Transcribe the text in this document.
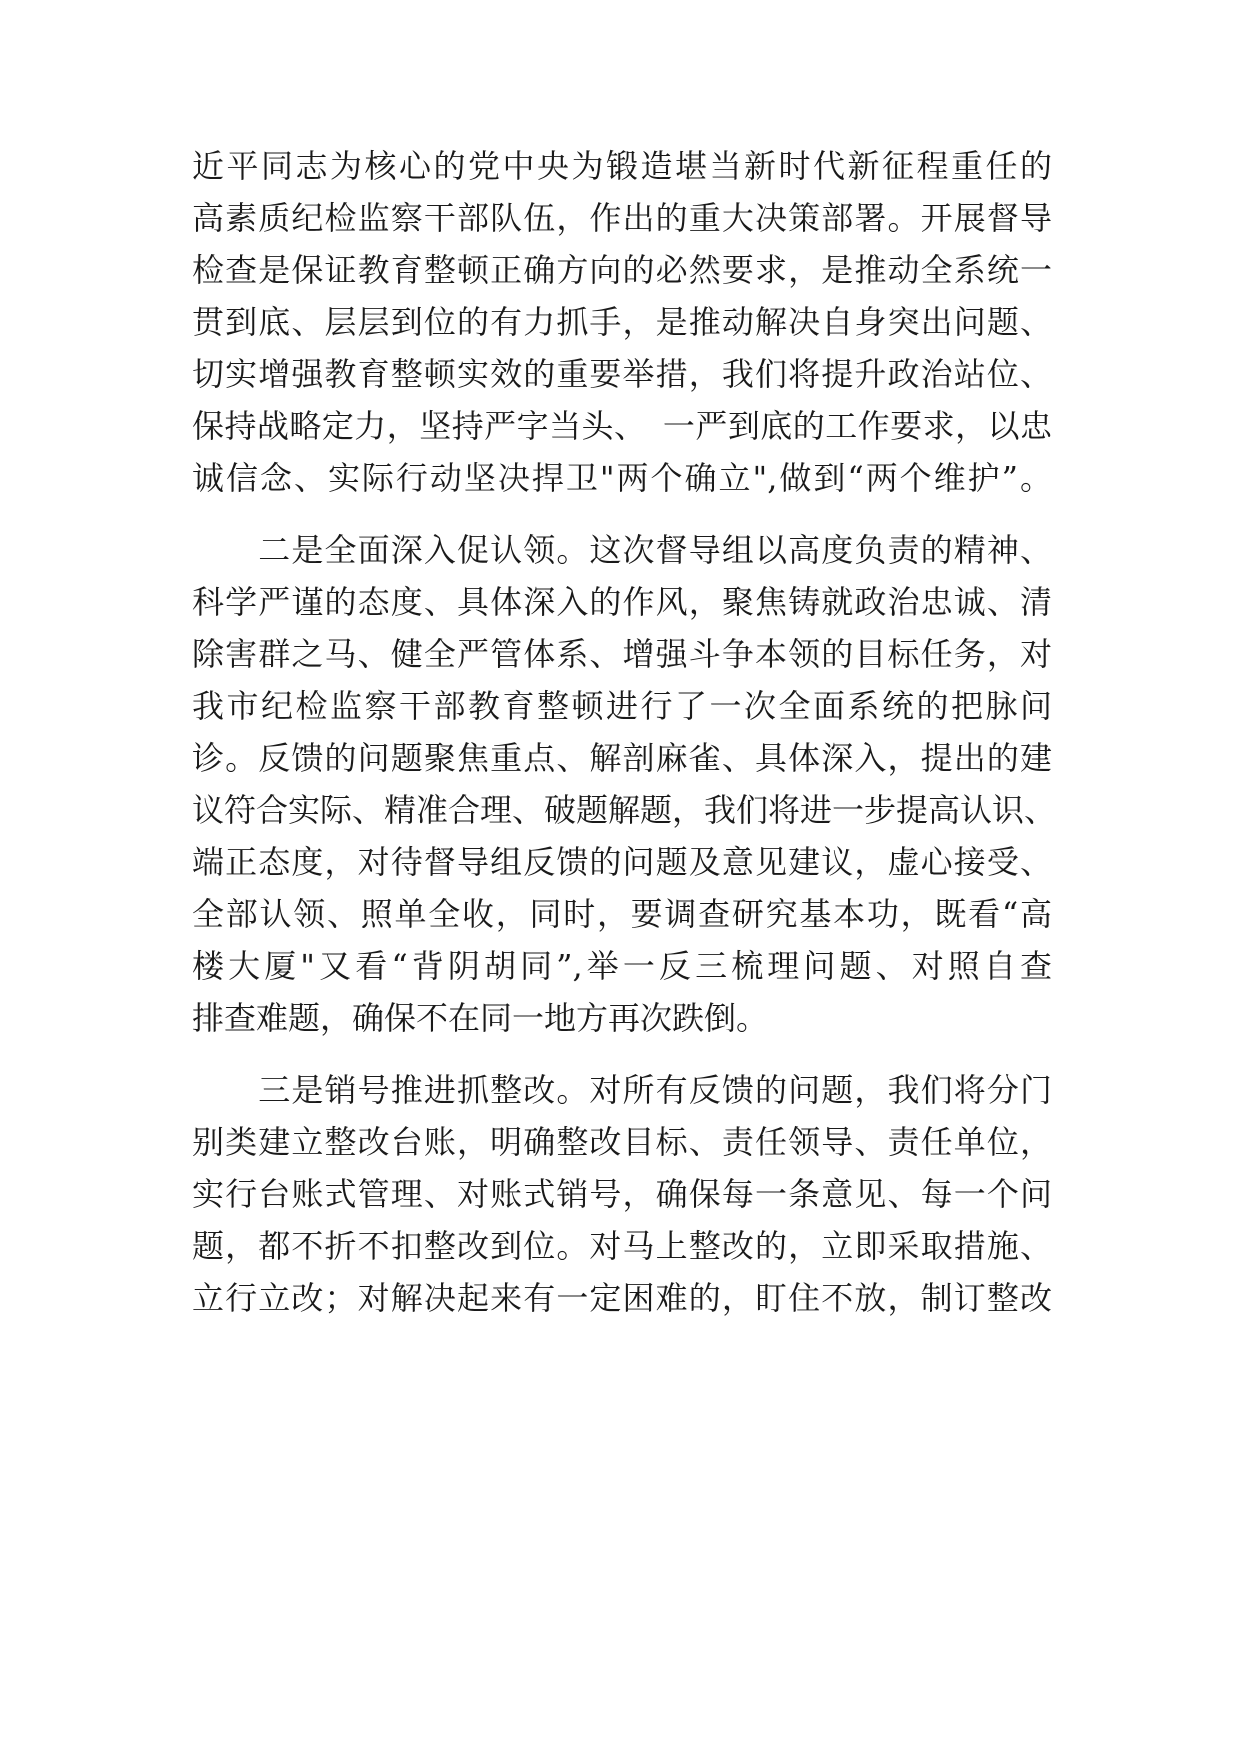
近平同志为核心的党中央为锻造堪当新时代新征程重任的
高素质纪检监察干部队伍，作出的重大决策部署。开展督导
检查是保证教育整顿正确方向的必然要求，是推动全系统一
贯到底、层层到位的有力抓手，是推动解决自身突出问题、
切实增强教育整顿实效的重要举措，我们将提升政治站位、
保持战略定力，坚持严字当头、　一严到底的工作要求，以忠
诚信念、实际行动坚决捍卫"两个确立",做到“两个维护”。
　　二是全面深入促认领。这次督导组以高度负责的精神、
科学严谨的态度、具体深入的作风，聚焦铸就政治忠诚、清
除害群之马、健全严管体系、增强斗争本领的目标任务，对
我市纪检监察干部教育整顿进行了一次全面系统的把脉问
诊。反馈的问题聚焦重点、解剖麻雀、具体深入，提出的建
议符合实际、精准合理、破题解题，我们将进一步提高认识、
端正态度，对待督导组反馈的问题及意见建议，虚心接受、
全部认领、照单全收，同时，要调查研究基本功，既看“高
楼大厦"又看“背阴胡同”,举一反三梳理问题、对照自查
排查难题，确保不在同一地方再次跌倒。
　　三是销号推进抓整改。对所有反馈的问题，我们将分门
别类建立整改台账，明确整改目标、责任领导、责任单位，
实行台账式管理、对账式销号，确保每一条意见、每一个问
题，都不折不扣整改到位。对马上整改的，立即采取措施、
立行立改；对解决起来有一定困难的，盯住不放，制订整改
